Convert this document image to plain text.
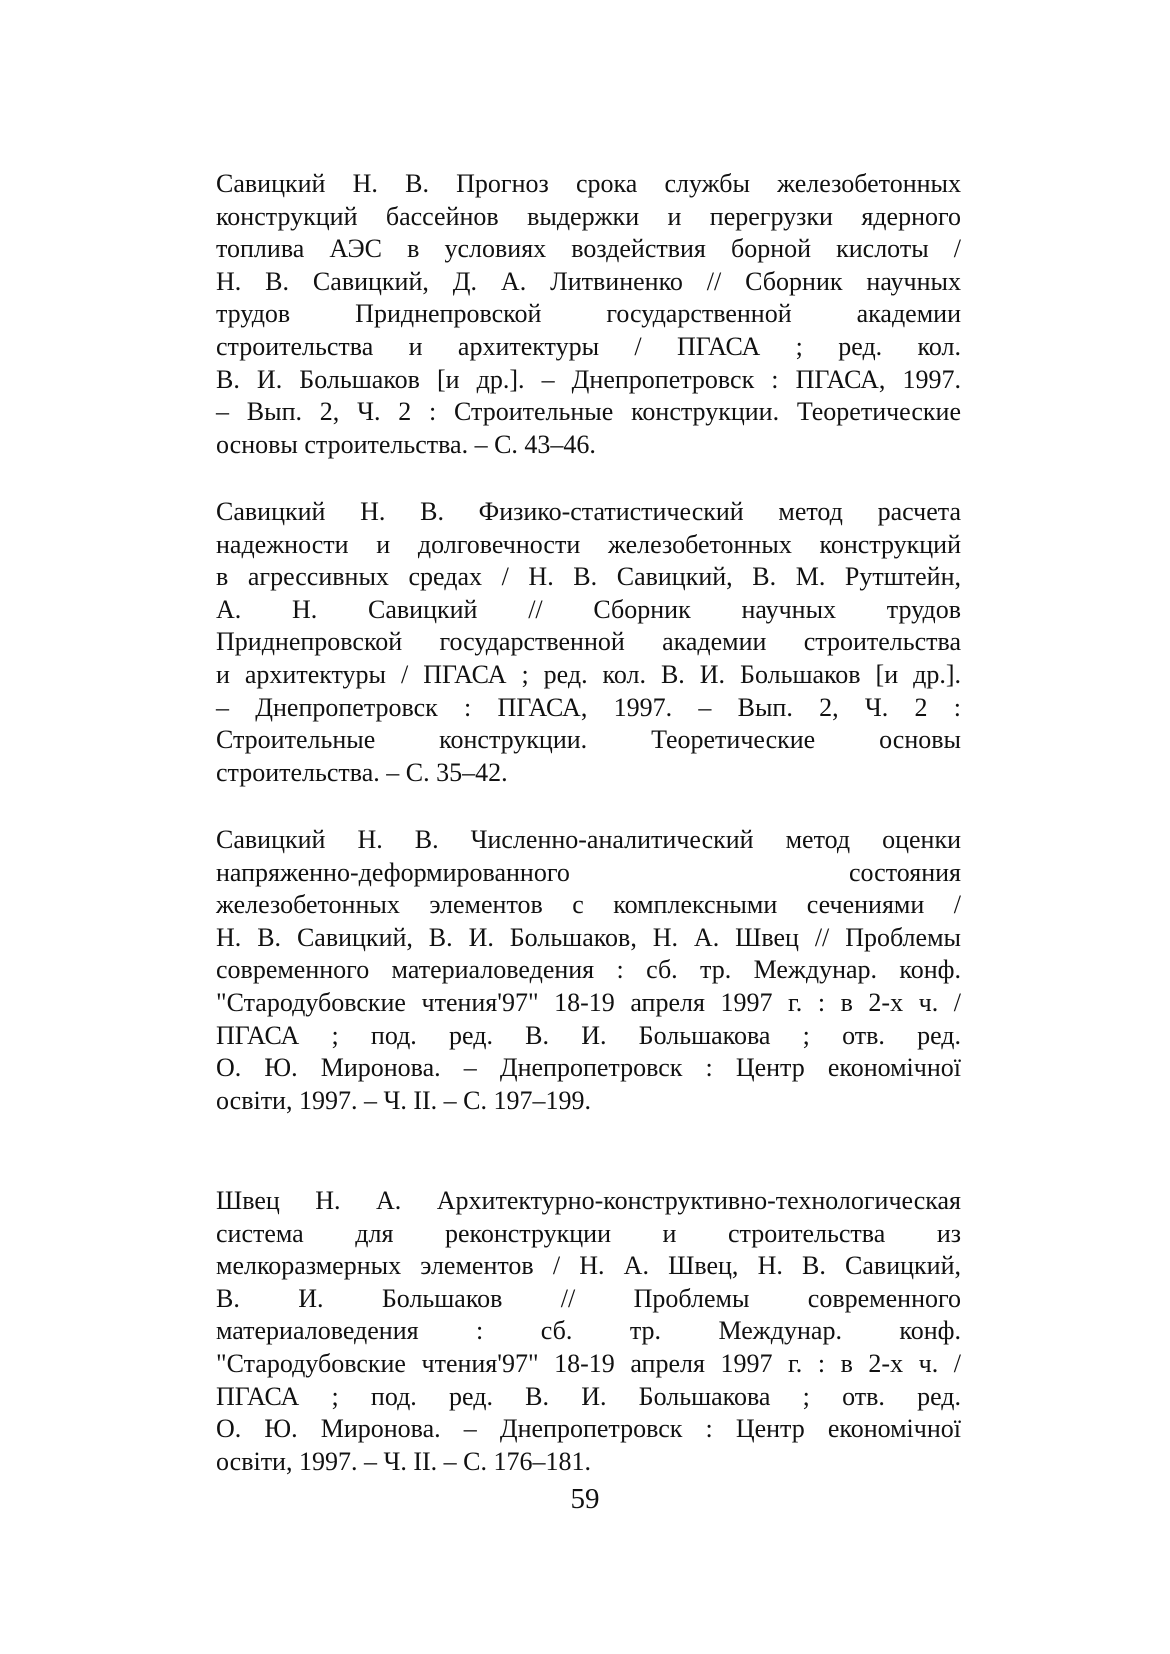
Савицкий Н. В. Прогноз срока службы железобетонных
конструкций бассейнов выдержки и перегрузки ядерного
топлива АЭС в условиях воздействия борной кислоты /
Н. В. Савицкий, Д. А. Литвиненко // Сборник научных
трудов Приднепровской государственной академии
строительства и архитектуры / ПГАСА ; ред. кол.
В. И. Большаков [и др.]. – Днепропетровск : ПГАСА, 1997.
– Вып. 2, Ч. 2 : Строительные конструкции. Теоретические
основы строительства. – С. 43–46.
Савицкий Н. В. Физико-статистический метод расчета
надежности и долговечности железобетонных конструкций
в агрессивных средах / Н. В. Савицкий, В. М. Рутштейн,
А. Н. Савицкий // Сборник научных трудов
Приднепровской государственной академии строительства
и архитектуры / ПГАСА ; ред. кол. В. И. Большаков [и др.].
– Днепропетровск : ПГАСА, 1997. – Вып. 2, Ч. 2 :
Строительные конструкции. Теоретические основы
строительства. – С. 35–42.
Савицкий Н. В. Численно-аналитический метод оценки
напряженно-деформированного состояния
железобетонных элементов с комплексными сечениями /
Н. В. Савицкий, В. И. Большаков, Н. А. Швец // Проблемы
современного материаловедения : сб. тр. Междунар. конф.
"Стародубовские чтения'97" 18-19 апреля 1997 г. : в 2-х ч. /
ПГАСА ; под. ред. В. И. Большакова ; отв. ред.
О. Ю. Миронова. – Днепропетровск : Центр економічної
освіти, 1997. – Ч. ІІ. – С. 197–199.
Швец Н. А. Архитектурно-конструктивно-технологическая
система для реконструкции и строительства из
мелкоразмерных элементов / Н. А. Швец, Н. В. Савицкий,
В. И. Большаков // Проблемы современного
материаловедения : сб. тр. Междунар. конф.
"Стародубовские чтения'97" 18-19 апреля 1997 г. : в 2-х ч. /
ПГАСА ; под. ред. В. И. Большакова ; отв. ред.
О. Ю. Миронова. – Днепропетровск : Центр економічної
освіти, 1997. – Ч. ІІ. – С. 176–181.
59
